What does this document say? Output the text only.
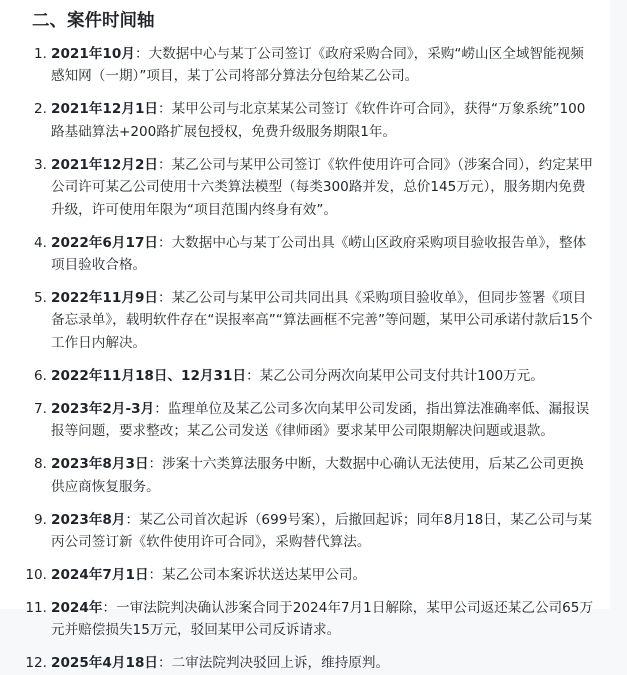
二、案件时间轴
1. 2021年10月：大数据中心与某丁公司签订《政府采购合同》，采购“崂山区全域智能视频感知网（一期）”项目，某丁公司将部分算法分包给某乙公司。
2. 2021年12月1日：某甲公司与北京某某公司签订《软件许可合同》，获得“万象系统”100路基础算法+200路扩展包授权，免费升级服务期限1年。
3. 2021年12月2日：某乙公司与某甲公司签订《软件使用许可合同》（涉案合同），约定某甲公司许可某乙公司使用十六类算法模型（每类300路并发，总价145万元），服务期内免费升级，许可使用年限为“项目范围内终身有效”。
4. 2022年6月17日：大数据中心与某丁公司出具《崂山区政府采购项目验收报告单》，整体项目验收合格。
5. 2022年11月9日：某乙公司与某甲公司共同出具《采购项目验收单》，但同步签署《项目备忘录单》，载明软件存在“误报率高”“算法画框不完善”等问题，某甲公司承诺付款后15个工作日内解决。
6. 2022年11月18日、12月31日：某乙公司分两次向某甲公司支付共计100万元。
7. 2023年2月-3月：监理单位及某乙公司多次向某甲公司发函，指出算法准确率低、漏报误报等问题，要求整改；某乙公司发送《律师函》要求某甲公司限期解决问题或退款。
8. 2023年8月3日：涉案十六类算法服务中断，大数据中心确认无法使用，后某乙公司更换供应商恢复服务。
9. 2023年8月：某乙公司首次起诉（699号案），后撤回起诉；同年8月18日，某乙公司与某丙公司签订新《软件使用许可合同》，采购替代算法。
10. 2024年7月1日：某乙公司本案诉状送达某甲公司。
11. 2024年：一审法院判决确认涉案合同于2024年7月1日解除，某甲公司返还某乙公司65万元并赔偿损失15万元，驳回某甲公司反诉请求。
12. 2025年4月18日：二审法院判决驳回上诉，维持原判。
